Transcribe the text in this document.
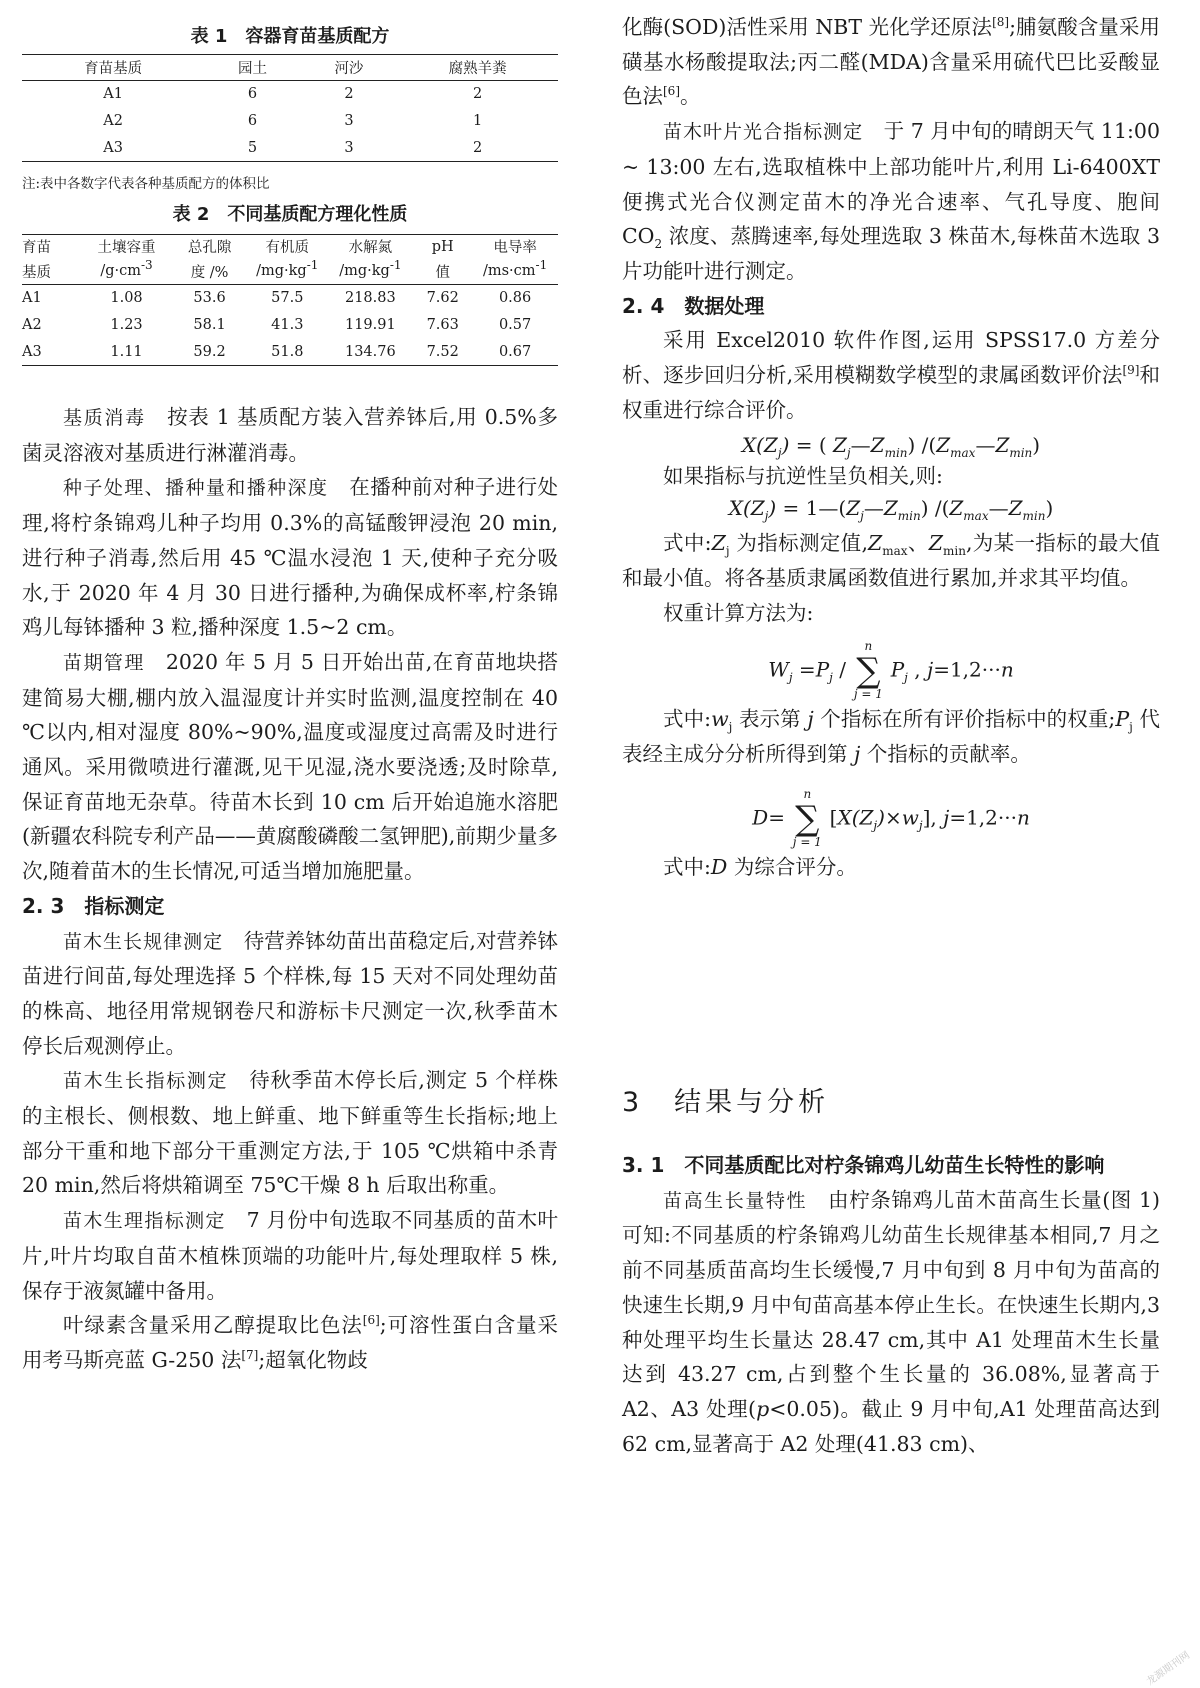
表 1　容器育苗基质配方

育苗基质	园土	河沙	腐熟羊粪
A1	6	2	2
A2	6	3	1
A3	5	3	2

注:表中各数字代表各种基质配方的体积比

表 2　不同基质配方理化性质

育苗	土壤容重	总孔隙	有机质	水解氮	pH	电导率
基质	$/g\cdot cm^{-3}$	度 /%	$/mg\cdot kg^{-1}$	$/mg\cdot kg^{-1}$	值	$/ms\cdot cm^{-1}$
A1	1.08	53.6	57.5	218.83	7.62	0.86
A2	1.23	58.1	41.3	119.91	7.63	0.57
A3	1.11	59.2	51.8	134.76	7.52	0.67

基质消毒　 按表 1 基质配方装入营养钵后,用 0.5%多菌灵溶液对基质进行淋灌消毒。

种子处理、播种量和播种深度　 在播种前对种子进行处理,将柠条锦鸡儿种子均用 0.3%的高锰酸钾浸泡 20 min,进行种子消毒,然后用 45 ℃温水浸泡 1 天,使种子充分吸水,于 2020 年 4 月 30 日进行播种,为确保成杯率,柠条锦鸡儿每钵播种 3 粒,播种深度 1.5~2 cm。

苗期管理　 2020 年 5 月 5 日开始出苗,在育苗地块搭建简易大棚,棚内放入温湿度计并实时监测,温度控制在 40 ℃以内,相对湿度 80%~90%,温度或湿度过高需及时进行通风。采用微喷进行灌溉,见干见湿,浇水要浇透;及时除草,保证育苗地无杂草。待苗木长到 10 cm 后开始追施水溶肥(新疆农科院专利产品——黄腐酸磷酸二氢钾肥),前期少量多次,随着苗木的生长情况,可适当增加施肥量。

2. 3　指标测定

苗木生长规律测定　 待营养钵幼苗出苗稳定后,对营养钵苗进行间苗,每处理选择 5 个样株,每 15 天对不同处理幼苗的株高、地径用常规钢卷尺和游标卡尺测定一次,秋季苗木停长后观测停止。

苗木生长指标测定　 待秋季苗木停长后,测定 5 个样株的主根长、侧根数、地上鲜重、地下鲜重等生长指标;地上部分干重和地下部分干重测定方法,于 105 ℃烘箱中杀青 20 min,然后将烘箱调至 75℃干燥 8 h 后取出称重。

苗木生理指标测定　 7 月份中旬选取不同基质的苗木叶片,叶片均取自苗木植株顶端的功能叶片,每处理取样 5 株,保存于液氮罐中备用。

叶绿素含量采用乙醇提取比色法[6];可溶性蛋白含量采用考马斯亮蓝 G-250 法[7];超氧化物歧

化酶(SOD)活性采用 NBT 光化学还原法[8];脯氨酸含量采用磺基水杨酸提取法;丙二醛(MDA)含量采用硫代巴比妥酸显色法[6]。

苗木叶片光合指标测定　 于 7 月中旬的晴朗天气 11:00 ~ 13:00 左右,选取植株中上部功能叶片,利用 Li-6400XT 便携式光合仪测定苗木的净光合速率、气孔导度、胞间 $CO_2$ 浓度、蒸腾速率,每处理选取 3 株苗木,每株苗木选取 3 片功能叶进行测定。

2. 4　数据处理

采用 Excel2010 软件作图,运用 SPSS17.0 方差分析、逐步回归分析,采用模糊数学模型的隶属函数评价法[9]和权重进行综合评价。

$X(Z_j)$ = ( $Z_j—Z_{min}$) $/(Z_{max}—Z_{min})$

如果指标与抗逆性呈负相关,则:

$X(Z_j)$ = $1—(Z_j—Z_{min})$ $/(Z_{max}—Z_{min})$

式中$:Z_j$ 为指标测定值$,Z_{max}$、$Z_{min}$,为某一指标的最大值和最小值。将各基质隶属函数值进行累加,并求其平均值。

权重计算方法为:

$W_j =P_j$ /
n
∑
j = 1
$P_j$ , j=1,2···n

式中$:w_j$ 表示第 j 个指标在所有评价指标中的权重$;P_j$ 代表经主成分分析所得到第 j 个指标的贡献率。

D=
n
∑
j = 1
$[X(Z_j)\times w_j]$, j=1,2···n

式中:D 为综合评分。

3　结果与分析
3. 1　不同基质配比对柠条锦鸡儿幼苗生长特性的影响

苗高生长量特性　 由柠条锦鸡儿苗木苗高生长量(图 1)可知:不同基质的柠条锦鸡儿幼苗生长规律基本相同,7 月之前不同基质苗高均生长缓慢,7 月中旬到 8 月中旬为苗高的快速生长期,9 月中旬苗高基本停止生长。在快速生长期内,3 种处理平均生长量达 28.47 cm,其中 A1 处理苗木生长量达到 43.27 cm,占到整个生长量的 36.08%,显著高于 A2、A3 处理(p<0.05)。截止 9 月中旬,A1 处理苗高达到 62 cm,显著高于 A2 处理(41.83 cm)、

龙源期刊网
